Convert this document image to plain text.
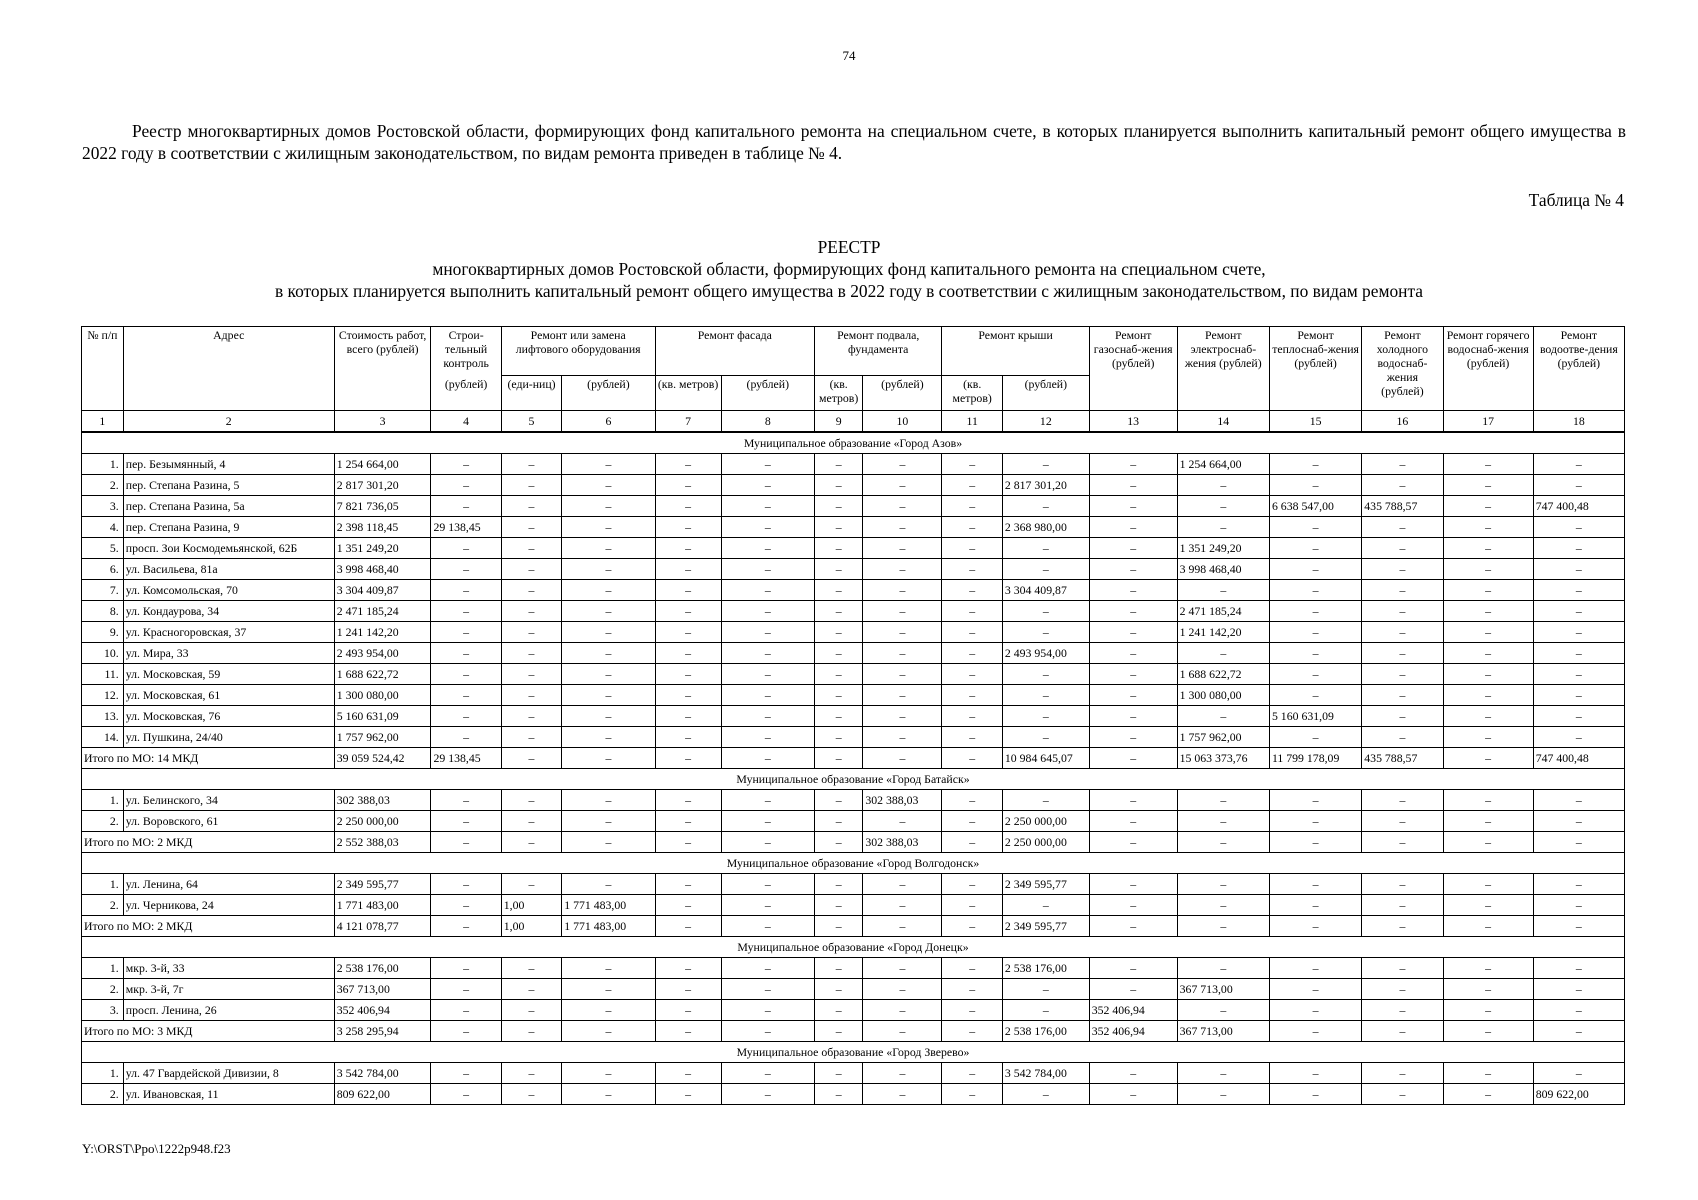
74
Реестр многоквартирных домов Ростовской области, формирующих фонд капитального ремонта на специальном счете, в которых планируется выполнить капитальный ремонт общего имущества в 2022 году в соответствии с жилищным законодательством, по видам ремонта приведен в таблице № 4.
Таблица № 4
РЕЕСТР
многоквартирных домов Ростовской области, формирующих фонд капитального ремонта на специальном счете,
в которых планируется выполнить капитальный ремонт общего имущества в 2022 году в соответствии с жилищным законодательством, по видам ремонта
№ п/п	Адрес	Стоимость работ, всего (рублей)	Строи-тельный контроль	Ремонт или замена лифтового оборудования		Ремонт фасада		Ремонт подвала, фундамента		Ремонт крыши		Ремонт газоснаб-жения (рублей)	Ремонт электроснаб-жения (рублей)	Ремонт теплоснаб-жения (рублей)	Ремонт холодного водоснаб-жения (рублей)	Ремонт горячего водоснаб-жения (рублей)	Ремонт водоотве-дения (рублей)
			(рублей)	(еди-ниц)	(рублей)	(кв. метров)	(рублей)	(кв. метров)	(рублей)	(кв. метров)	(рублей)						
1	2	3	4	5	6	7	8	9	10	11	12	13	14	15	16	17	18
Муниципальное образование «Город Азов»																	
1.	пер. Безымянный, 4	1 254 664,00	–	–	–	–	–	–	–	–	–	–	1 254 664,00	–	–	–	–
2.	пер. Степана Разина, 5	2 817 301,20	–	–	–	–	–	–	–	–	2 817 301,20	–	–	–	–	–	–
3.	пер. Степана Разина, 5а	7 821 736,05	–	–	–	–	–	–	–	–	–	–	–	6 638 547,00	435 788,57	–	747 400,48
4.	пер. Степана Разина, 9	2 398 118,45	29 138,45	–	–	–	–	–	–	–	2 368 980,00	–	–	–	–	–	–
5.	просп. Зои Космодемьянской, 62Б	1 351 249,20	–	–	–	–	–	–	–	–	–	–	1 351 249,20	–	–	–	–
6.	ул. Васильева, 81а	3 998 468,40	–	–	–	–	–	–	–	–	–	–	3 998 468,40	–	–	–	–
7.	ул. Комсомольская, 70	3 304 409,87	–	–	–	–	–	–	–	–	3 304 409,87	–	–	–	–	–	–
8.	ул. Кондаурова, 34	2 471 185,24	–	–	–	–	–	–	–	–	–	–	2 471 185,24	–	–	–	–
9.	ул. Красногоровская, 37	1 241 142,20	–	–	–	–	–	–	–	–	–	–	1 241 142,20	–	–	–	–
10.	ул. Мира, 33	2 493 954,00	–	–	–	–	–	–	–	–	2 493 954,00	–	–	–	–	–	–
11.	ул. Московская, 59	1 688 622,72	–	–	–	–	–	–	–	–	–	–	1 688 622,72	–	–	–	–
12.	ул. Московская, 61	1 300 080,00	–	–	–	–	–	–	–	–	–	–	1 300 080,00	–	–	–	–
13.	ул. Московская, 76	5 160 631,09	–	–	–	–	–	–	–	–	–	–	–	5 160 631,09	–	–	–
14.	ул. Пушкина, 24/40	1 757 962,00	–	–	–	–	–	–	–	–	–	–	1 757 962,00	–	–	–	–
Итого по МО: 14 МКД		39 059 524,42	29 138,45	–	–	–	–	–	–	–	10 984 645,07	–	15 063 373,76	11 799 178,09	435 788,57	–	747 400,48
Муниципальное образование «Город Батайск»																	
1.	ул. Белинского, 34	302 388,03	–	–	–	–	–	–	302 388,03	–	–	–	–	–	–	–	–
2.	ул. Воровского, 61	2 250 000,00	–	–	–	–	–	–	–	–	2 250 000,00	–	–	–	–	–	–
Итого по МО: 2 МКД		2 552 388,03	–	–	–	–	–	–	302 388,03	–	2 250 000,00	–	–	–	–	–	–
Муниципальное образование «Город Волгодонск»																	
1.	ул. Ленина, 64	2 349 595,77	–	–	–	–	–	–	–	–	2 349 595,77	–	–	–	–	–	–
2.	ул. Черникова, 24	1 771 483,00	–	1,00	1 771 483,00	–	–	–	–	–	–	–	–	–	–	–	–
Итого по МО: 2 МКД		4 121 078,77	–	1,00	1 771 483,00	–	–	–	–	–	2 349 595,77	–	–	–	–	–	–
Муниципальное образование «Город Донецк»																	
1.	мкр. 3-й, 33	2 538 176,00	–	–	–	–	–	–	–	–	2 538 176,00	–	–	–	–	–	–
2.	мкр. 3-й, 7г	367 713,00	–	–	–	–	–	–	–	–	–	–	367 713,00	–	–	–	–
3.	просп. Ленина, 26	352 406,94	–	–	–	–	–	–	–	–	–	352 406,94	–	–	–	–	–
Итого по МО: 3 МКД		3 258 295,94	–	–	–	–	–	–	–	–	2 538 176,00	352 406,94	367 713,00	–	–	–	–
Муниципальное образование «Город Зверево»																	
1.	ул. 47 Гвардейской Дивизии, 8	3 542 784,00	–	–	–	–	–	–	–	–	3 542 784,00	–	–	–	–	–	–
2.	ул. Ивановская, 11	809 622,00	–	–	–	–	–	–	–	–	–	–	–	–	–	–	809 622,00
Y:\ORST\Ppo\1222p948.f23
